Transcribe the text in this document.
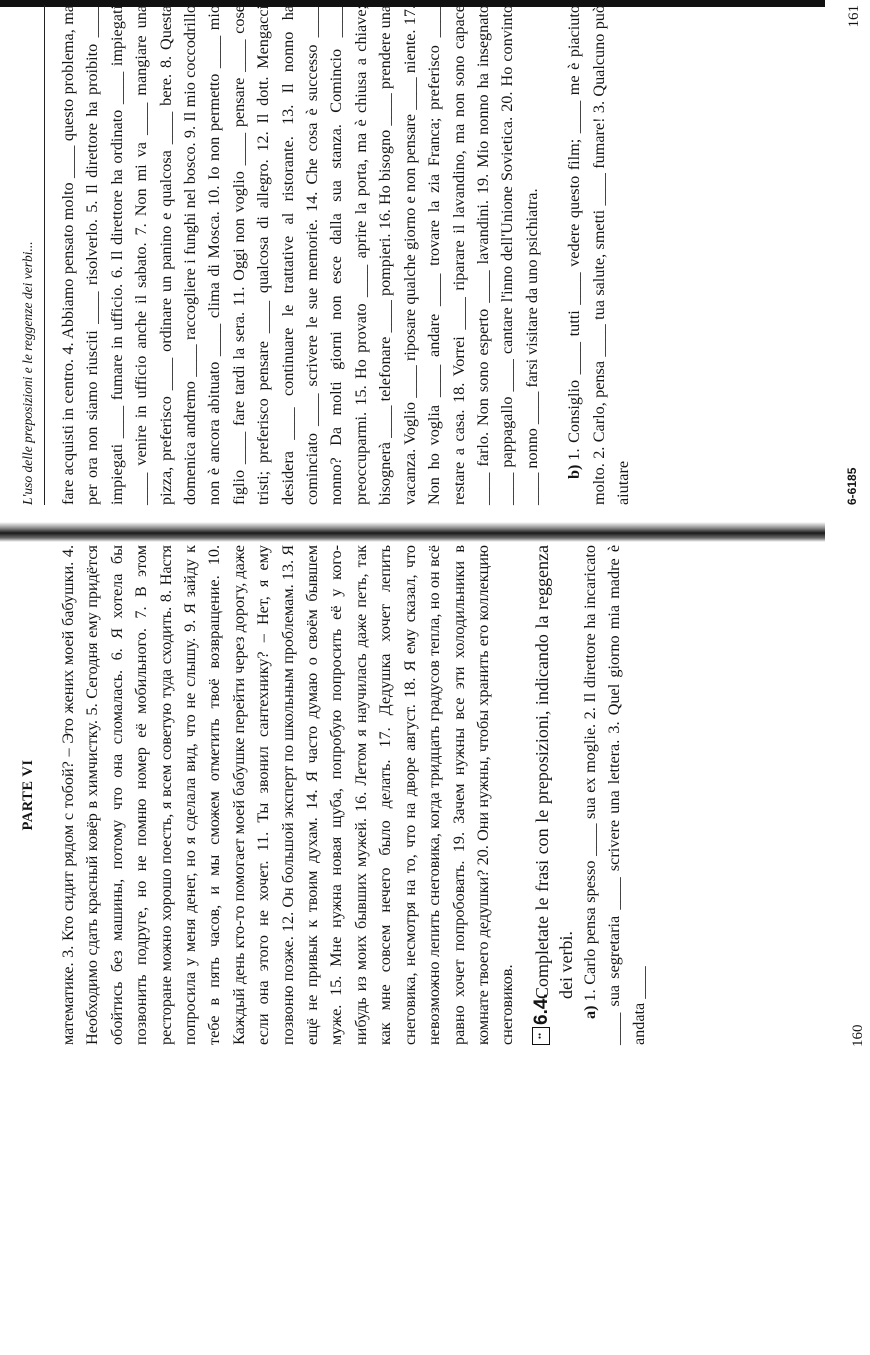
PARTE VI	математике. 3. Кто сидит рядом с тобой? – Это жених моей бабушки. 4. Необходимо сдать красный ковёр в химчистку. 5. Сегодня ему придётся обойтись без машины, потому что она сломалась. 6. Я хотела бы позвонить подруге, но не помню номер её мобильного. 7. В этом ресторане можно хорошо поесть, я всем советую туда сходить. 8. Настя попросила у меня денег, но я сделала вид, что не слышу. 9. Я зайду к тебе в пять часов, и мы сможем отметить твоё возвращение. 10. Каждый день кто-то помогает моей бабушке перейти через дорогу, даже если она этого не хочет. 11. Ты звонил сантехнику? – Нет, я ему позвоню позже. 12. Он большой эксперт по школьным проблемам. 13. Я ещё не привык к твоим духам. 14. Я часто думаю о своём бывшем муже. 15. Мне нужна новая щуба, попробую попросить её у кого-нибудь из моих бывших мужей. 16. Летом я научилась даже петь, так как мне совсем нечего было делать. 17. Дедушка хочет лепить снеговика, несмотря на то, что на дворе август. 18. Я ему сказал, что невозможно лепить снеговика, когда тридцать градусов тепла, но он всё равно хочет попробовать. 19. Зачем нужны все эти холодильники в комнате твоего дедушки? 20. Они нужны, чтобы хранить его коллекцию снеговиков.	••
6.4.
Completate le frasi con le preposizioni, indicando la reggenza dei verbi.

a)1. Carlo pensa spesso ____ sua ex moglie. 2. Il direttore ha incaricato ____ sua segretaria ____ scrivere una lettera. 3. Quel giorno mia madre è andata ____	160
L'uso delle preposizioni e le reggenze dei verbi...	fare acquisti in centro. 4. Abbiamo pensato molto ____ questo problema, ma per ora non siamo riusciti ____ risolverlo. 5. Il direttore ha proibito ____ impiegati ____ fumare in ufficio. 6. Il direttore ha ordinato ____ impiegati ____ venire in ufficio anche il sabato. 7. Non mi va ____ mangiare una pizza, preferisco ____ ordinare un panino e qualcosa ____ bere. 8. Questa domenica andremo ____ raccogliere i funghi nel bosco. 9. Il mio coccodrillo non è ancora abituato ____ clima di Mosca. 10. Io non permetto ____ mio figlio ____ fare tardi la sera. 11. Oggi non voglio ____ pensare ____ cose tristi; preferisco pensare ____ qualcosa di allegro. 12. Il dott. Mengacci desidera ____ continuare le trattative al ristorante. 13. Il nonno ha cominciato ____ scrivere le sue memorie. 14. Che cosa è successo ____ nonno? Da molti giorni non esce dalla sua stanza. Comincio ____ preoccuparmi. 15. Ho provato ____ aprire la porta, ma è chiusa a chiave; bisognerà ____ telefonare ____ pompieri. 16. Ho bisogno ____ prendere una vacanza. Voglio ____ riposare qualche giorno e non pensare ____ niente. 17. Non ho voglia ____ andare ____ trovare la zia Franca; preferisco ____ restare a casa. 18. Vorrei ____ riparare il lavandino, ma non sono capace ____ farlo. Non sono esperto ____ lavandini. 19. Mio nonno ha insegnato ____ pappagallo ____ cantare l'inno dell'Unione Sovietica. 20. Ho convinto ____ nonno ____ farsi visitare da uno psichiatra. b)1. Consiglio ____ tutti ____ vedere questo film; ____ me è piaciuto molto. 2. Carlo, pensa ____ tua salute, smetti ____ fumare! 3. Qualcuno può aiutare	6-6185
161
